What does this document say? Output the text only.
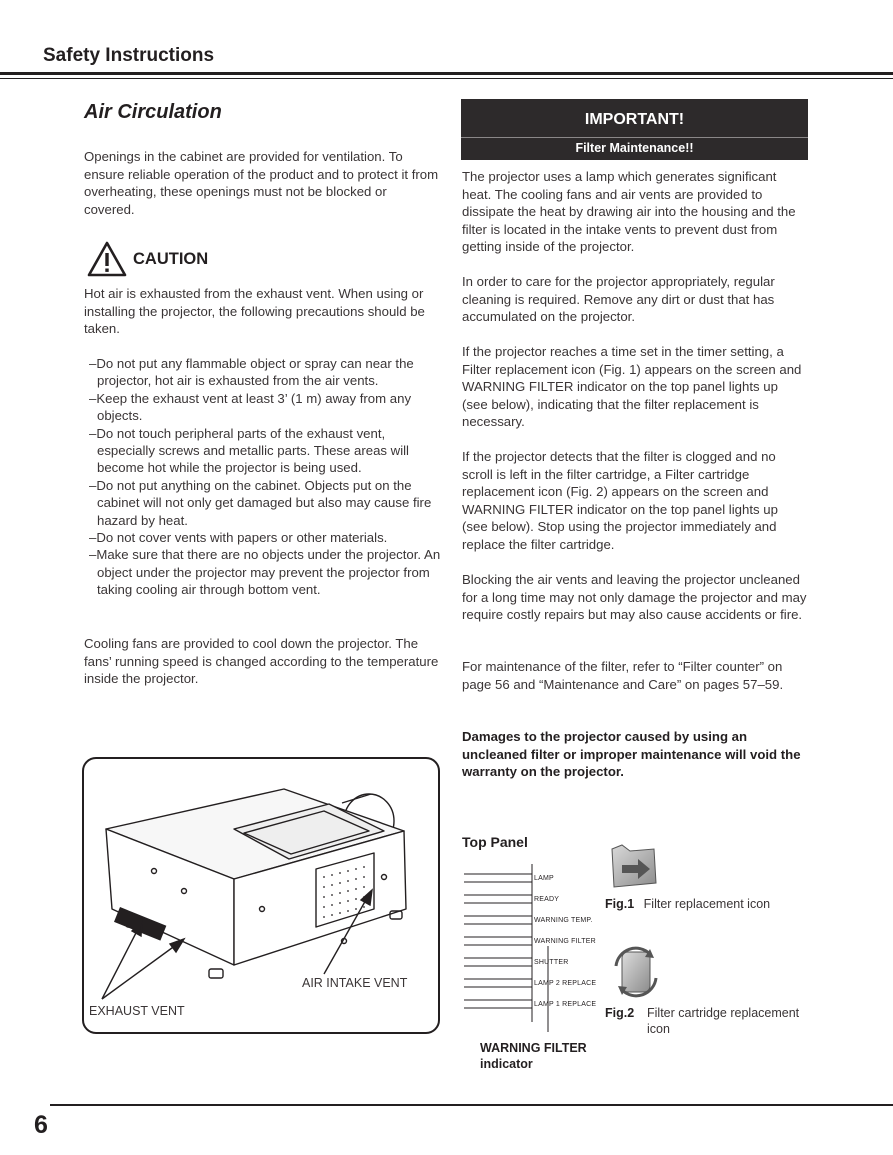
Safety Instructions
Air Circulation

Openings in the cabinet are provided for ventilation. To ensure reliable operation of the product and to protect it from overheating, these openings must not be blocked or covered.

CAUTION

Hot air is exhausted from the exhaust vent. When using or installing the projector, the following precautions should be taken.

– Do not put any flammable object or spray can near the projector, hot air is exhausted from the air vents.
– Keep the exhaust vent at least 3’ (1 m) away from any objects.
– Do not touch peripheral parts of the exhaust vent, especially screws and metallic parts. These areas will become hot while the projector is being used.
– Do not put anything on the cabinet. Objects put on the cabinet will not only get damaged but also may cause fire hazard by heat.
– Do not cover vents with papers or other materials.
– Make sure that there are no objects under the projector. An object under the projector may prevent the projector from taking cooling air through bottom vent.

Cooling fans are provided to cool down the projector. The fans’ running speed is changed according to the temperature inside the projector.

AIR INTAKE VENT
EXHAUST VENT
IMPORTANT!
Filter Maintenance!!

The projector uses a lamp which generates significant heat. The cooling fans and air vents are provided to dissipate the heat by drawing air into the housing and the filter is located in the intake vents to prevent dust from getting inside of the projector.

In order to care for the projector appropriately, regular cleaning is required. Remove any dirt or dust that has accumulated on the projector.

If the projector reaches a time set in the timer setting, a Filter replacement icon (Fig. 1) appears on the screen and WARNING FILTER indicator on the top panel lights up (see below), indicating that the filter replacement is necessary.

If the projector detects that the filter is clogged and no scroll is left in the filter cartridge, a Filter cartridge replacement icon (Fig. 2) appears on the screen and WARNING FILTER indicator on the top panel lights up (see below). Stop using the projector immediately and replace the filter cartridge.

Blocking the air vents and leaving the projector uncleaned for a long time may not only damage the projector and may require costly repairs but may also cause accidents or fire.

For maintenance of the filter, refer to “Filter counter” on page 56 and “Maintenance and Care” on pages 57–59.

Damages to the projector caused by using an uncleaned filter or improper maintenance will void the warranty on the projector.

Top Panel
LAMP
READY
WARNING TEMP.
WARNING FILTER
SHUTTER
LAMP 2 REPLACE
LAMP 1 REPLACE
WARNING FILTER indicator
Fig.1 Filter replacement icon
Fig.2 Filter cartridge replacement icon
6
